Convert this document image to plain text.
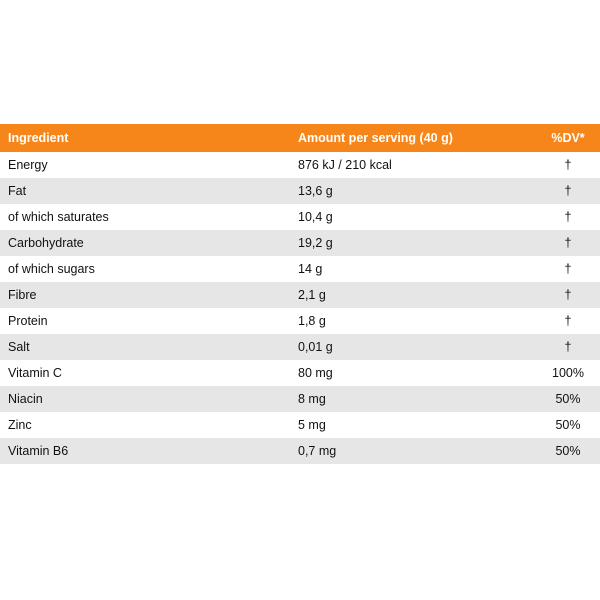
Ingredient	Amount per serving (40 g)	%DV*
Energy	876 kJ / 210 kcal	†
Fat	13,6 g	†
of which saturates	10,4 g	†
Carbohydrate	19,2 g	†
of which sugars	14 g	†
Fibre	2,1 g	†
Protein	1,8 g	†
Salt	0,01 g	†
Vitamin C	80 mg	100%
Niacin	8 mg	50%
Zinc	5 mg	50%
Vitamin B6	0,7 mg	50%
